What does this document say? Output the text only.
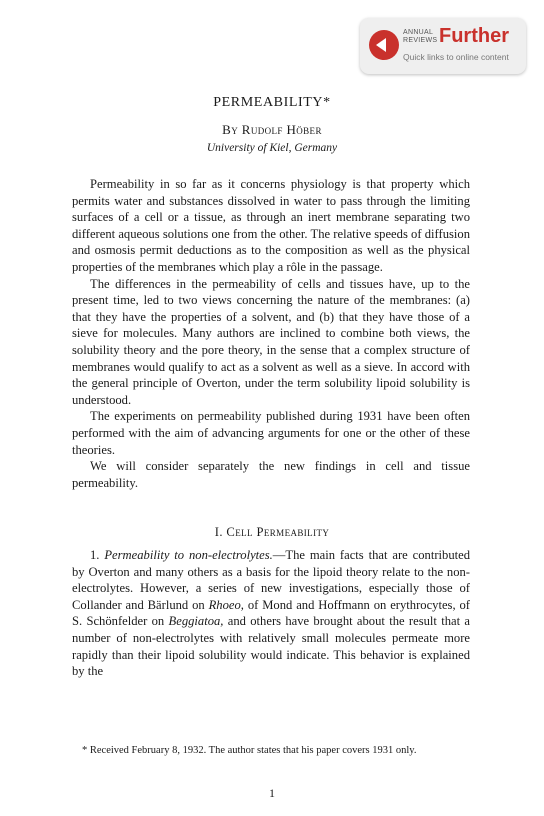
ANNUAL
REVIEWS Further
Quick links to online content
PERMEABILITY*
By Rudolf Höber
University of Kiel, Germany

Permeability in so far as it concerns physiology is that property which permits water and substances dissolved in water to pass through the limiting surfaces of a cell or a tissue, as through an inert membrane separating two different aqueous solutions one from the other. The relative speeds of diffusion and osmosis permit deductions as to the composition as well as the physical properties of the membranes which play a rôle in the passage.

The differences in the permeability of cells and tissues have, up to the present time, led to two views concerning the nature of the membranes: (a) that they have the properties of a solvent, and (b) that they have those of a sieve for molecules. Many authors are inclined to combine both views, the solubility theory and the pore theory, in the sense that a complex structure of membranes would qualify to act as a solvent as well as a sieve. In accord with the general principle of Overton, under the term solubility lipoid solubility is understood.

The experiments on permeability published during 1931 have been often performed with the aim of advancing arguments for one or the other of these theories.

We will consider separately the new findings in cell and tissue permeability.

I. Cell Permeability

1. Permeability to non-electrolytes.—The main facts that are contributed by Overton and many others as a basis for the lipoid theory relate to the non-electrolytes. However, a series of new investigations, especially those of Collander and Bärlund on Rhoeo, of Mond and Hoffmann on erythrocytes, of S. Schönfelder on Beggiatoa, and others have brought about the result that a number of non-electrolytes with relatively small molecules permeate more rapidly than their lipoid solubility would indicate. This behavior is explained by the

* Received February 8, 1932. The author states that his paper covers 1931 only.
1
